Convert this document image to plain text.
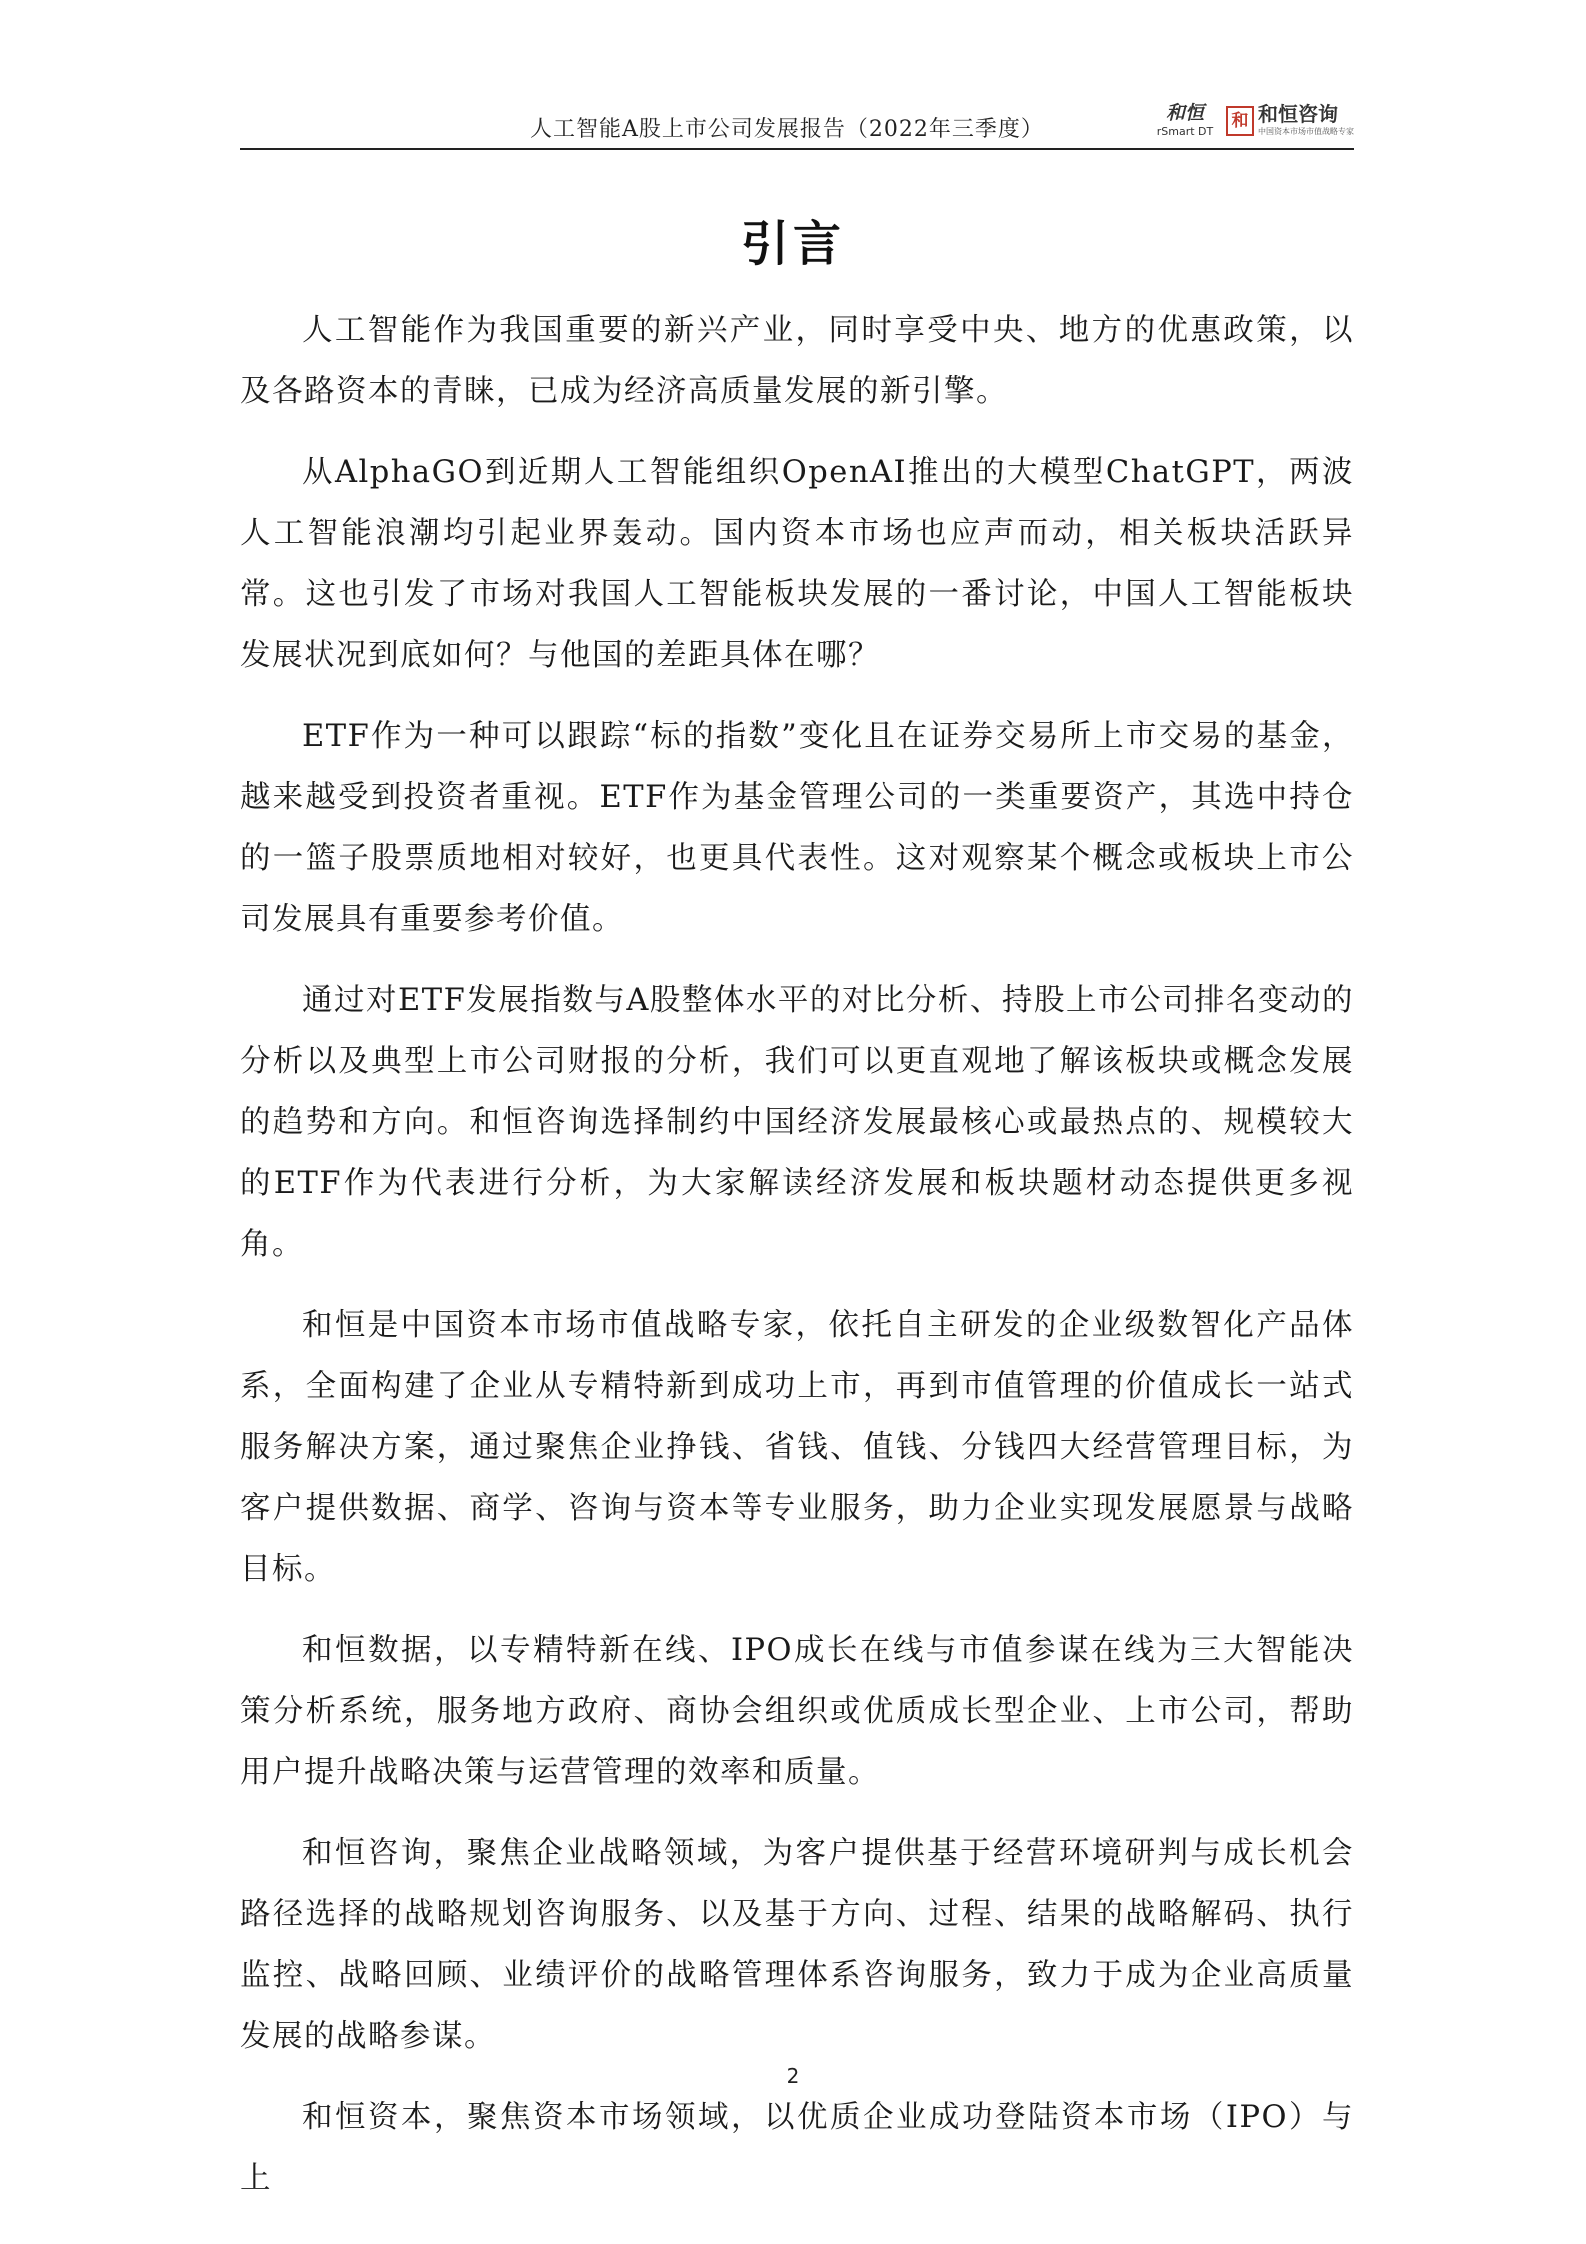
人工智能A股上市公司发展报告（2022年三季度）
和恒
rSmart DT
和 和恒咨询
中国资本市场市值战略专家
引言

人工智能作为我国重要的新兴产业，同时享受中央、地方的优惠政策，以及各路资本的青睐，已成为经济高质量发展的新引擎。

从AlphaGO到近期人工智能组织OpenAI推出的大模型ChatGPT，两波人工智能浪潮均引起业界轰动。国内资本市场也应声而动，相关板块活跃异常。这也引发了市场对我国人工智能板块发展的一番讨论，中国人工智能板块发展状况到底如何？与他国的差距具体在哪？

ETF作为一种可以跟踪“标的指数”变化且在证券交易所上市交易的基金，越来越受到投资者重视。ETF作为基金管理公司的一类重要资产，其选中持仓的一篮子股票质地相对较好，也更具代表性。这对观察某个概念或板块上市公司发展具有重要参考价值。

通过对ETF发展指数与A股整体水平的对比分析、持股上市公司排名变动的分析以及典型上市公司财报的分析，我们可以更直观地了解该板块或概念发展的趋势和方向。和恒咨询选择制约中国经济发展最核心或最热点的、规模较大的ETF作为代表进行分析，为大家解读经济发展和板块题材动态提供更多视角。

和恒是中国资本市场市值战略专家，依托自主研发的企业级数智化产品体系，全面构建了企业从专精特新到成功上市，再到市值管理的价值成长一站式服务解决方案，通过聚焦企业挣钱、省钱、值钱、分钱四大经营管理目标，为客户提供数据、商学、咨询与资本等专业服务，助力企业实现发展愿景与战略目标。

和恒数据，以专精特新在线、IPO成长在线与市值参谋在线为三大智能决策分析系统，服务地方政府、商协会组织或优质成长型企业、上市公司，帮助用户提升战略决策与运营管理的效率和质量。

和恒咨询，聚焦企业战略领域，为客户提供基于经营环境研判与成长机会路径选择的战略规划咨询服务、以及基于方向、过程、结果的战略解码、执行监控、战略回顾、业绩评价的战略管理体系咨询服务，致力于成为企业高质量发展的战略参谋。

和恒资本，聚焦资本市场领域，以优质企业成功登陆资本市场（IPO）与上

2
